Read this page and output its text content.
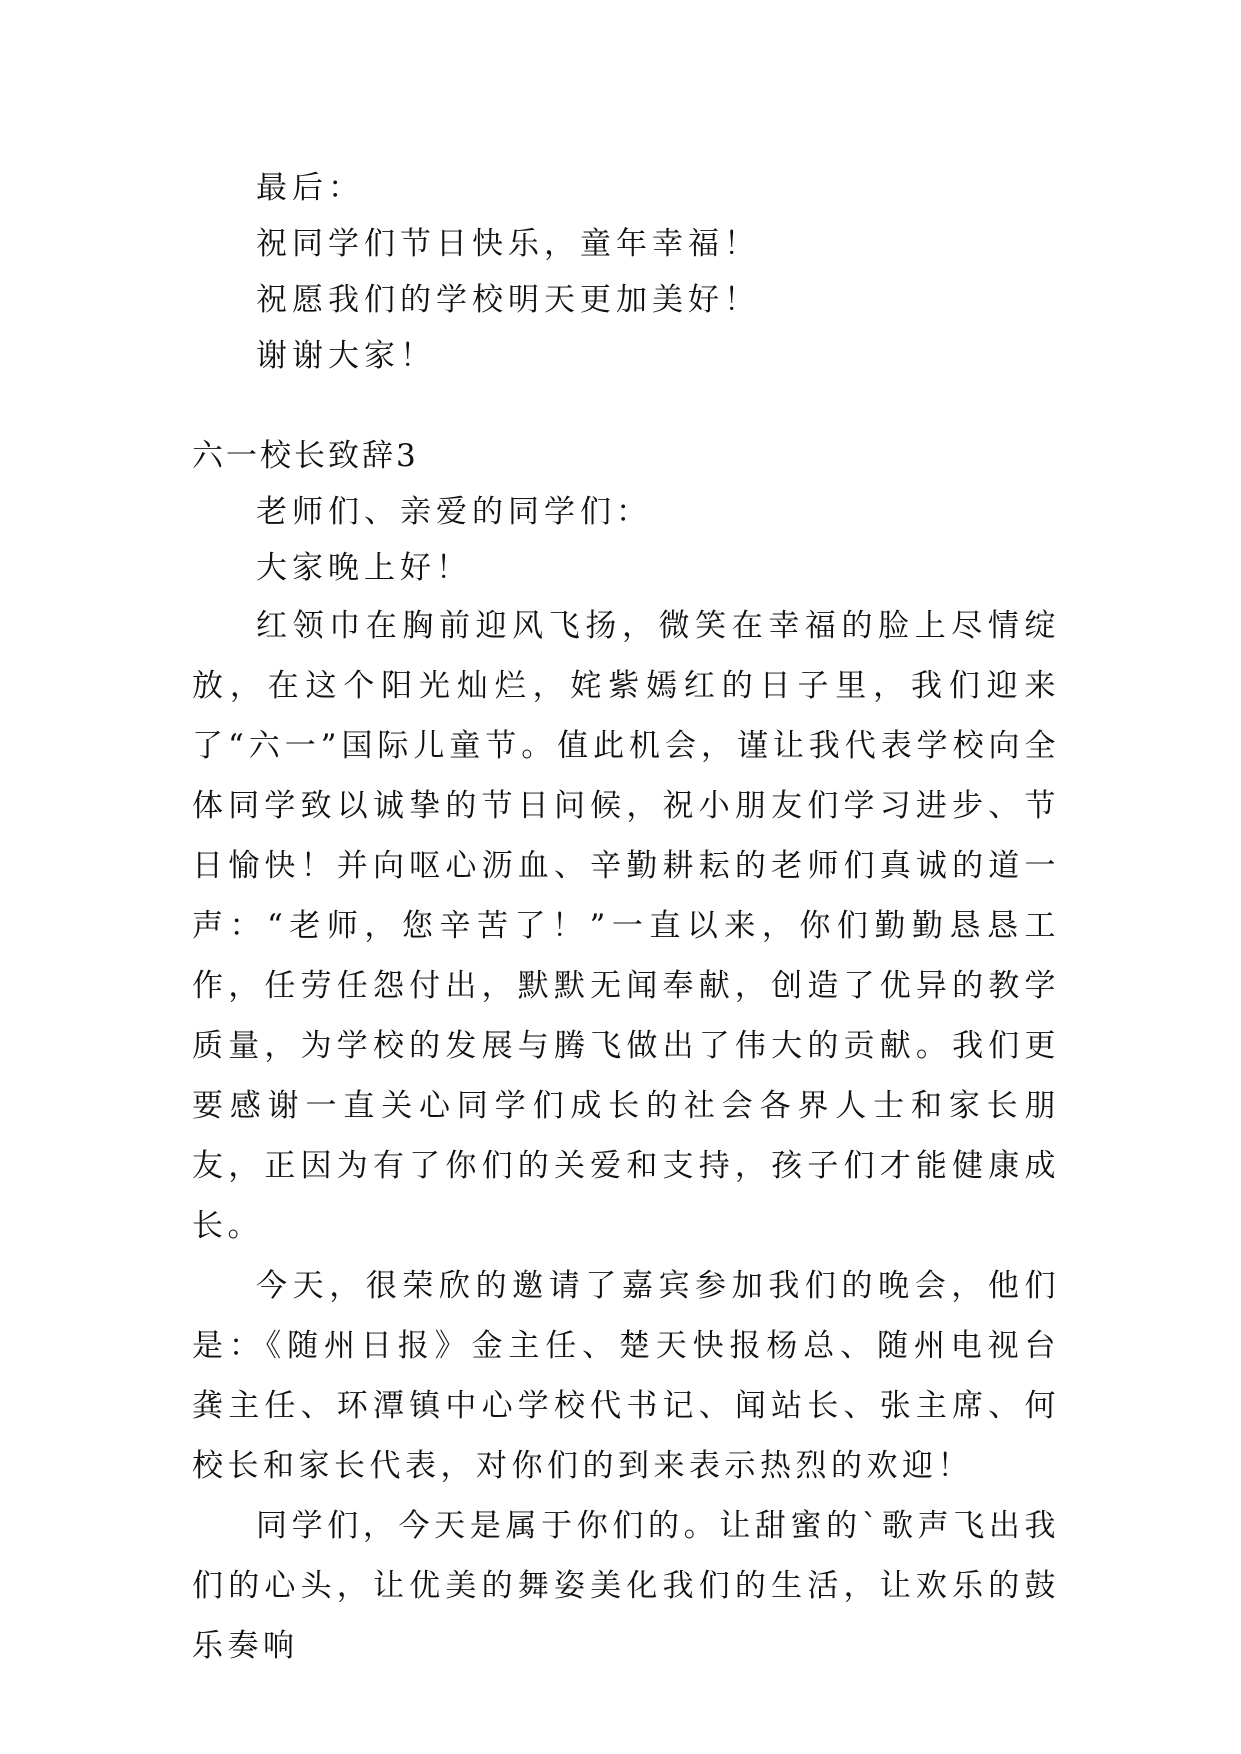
最后：
祝同学们节日快乐，童年幸福！
祝愿我们的学校明天更加美好！
谢谢大家！
六一校长致辞3
老师们、亲爱的同学们：
大家晚上好！

红领巾在胸前迎风飞扬，微笑在幸福的脸上尽情绽放，在这个阳光灿烂，姹紫嫣红的日子里，我们迎来了“六一”国际儿童节。值此机会，谨让我代表学校向全体同学致以诚挚的节日问候，祝小朋友们学习进步、节日愉快！并向呕心沥血、辛勤耕耘的老师们真诚的道一声：“老师，您辛苦了！”一直以来，你们勤勤恳恳工作，任劳任怨付出，默默无闻奉献，创造了优异的教学质量，为学校的发展与腾飞做出了伟大的贡献。我们更要感谢一直关心同学们成长的社会各界人士和家长朋友，正因为有了你们的关爱和支持，孩子们才能健康成长。

今天，很荣欣的邀请了嘉宾参加我们的晚会，他们是：《随州日报》金主任、楚天快报杨总、随州电视台龚主任、环潭镇中心学校代书记、闻站长、张主席、何校长和家长代表，对你们的到来表示热烈的欢迎！

同学们，今天是属于你们的。让甜蜜的`歌声飞出我们的心头，让优美的舞姿美化我们的生活，让欢乐的鼓乐奏响
